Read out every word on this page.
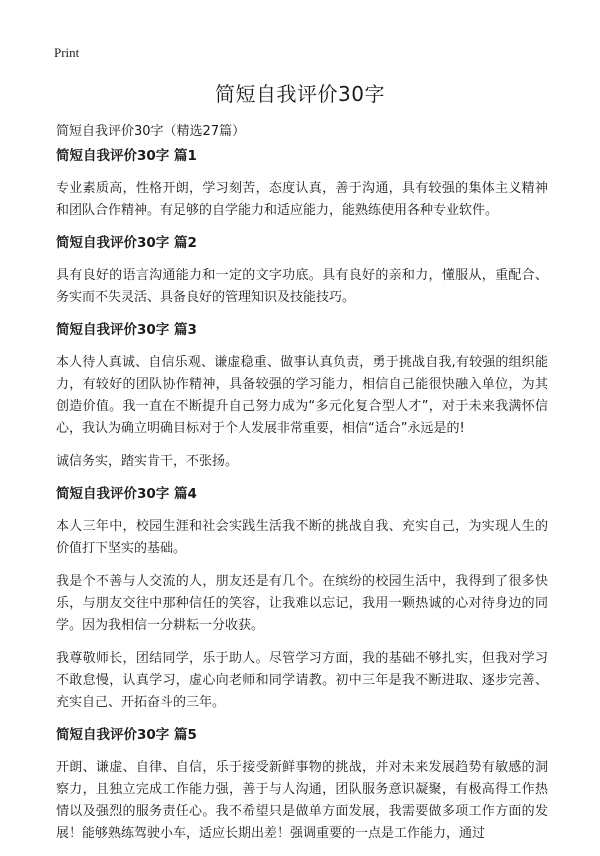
Print
简短自我评价30字

简短自我评价30字（精选27篇）

简短自我评价30字 篇1

专业素质高，性格开朗，学习刻苦，态度认真，善于沟通，具有较强的集体主义精神和团队合作精神。有足够的自学能力和适应能力，能熟练使用各种专业软件。

简短自我评价30字 篇2

具有良好的语言沟通能力和一定的文字功底。具有良好的亲和力，懂服从，重配合、务实而不失灵活、具备良好的管理知识及技能技巧。

简短自我评价30字 篇3

本人待人真诚、自信乐观、谦虚稳重、做事认真负责，勇于挑战自我,有较强的组织能力，有较好的团队协作精神，具备较强的学习能力，相信自己能很快融入单位，为其创造价值。我一直在不断提升自己努力成为“多元化复合型人才”，对于未来我满怀信心，我认为确立明确目标对于个人发展非常重要，相信“适合”永远是的!

诚信务实，踏实肯干，不张扬。

简短自我评价30字 篇4

本人三年中，校园生涯和社会实践生活我不断的挑战自我、充实自己，为实现人生的价值打下坚实的基础。

我是个不善与人交流的人，朋友还是有几个。在缤纷的校园生活中，我得到了很多快乐，与朋友交往中那种信任的笑容，让我难以忘记，我用一颗热诚的心对待身边的同学。因为我相信一分耕耘一分收获。

我尊敬师长，团结同学，乐于助人。尽管学习方面，我的基础不够扎实，但我对学习不敢怠慢，认真学习，虚心向老师和同学请教。初中三年是我不断进取、逐步完善、充实自己、开拓奋斗的三年。

简短自我评价30字 篇5

开朗、谦虚、自律、自信，乐于接受新鲜事物的挑战，并对未来发展趋势有敏感的洞察力，且独立完成工作能力强，善于与人沟通，团队服务意识凝聚，有极高得工作热情以及强烈的服务责任心。我不希望只是做单方面发展，我需要做多项工作方面的发展！能够熟练驾驶小车，适应长期出差！强调重要的一点是工作能力，通过
